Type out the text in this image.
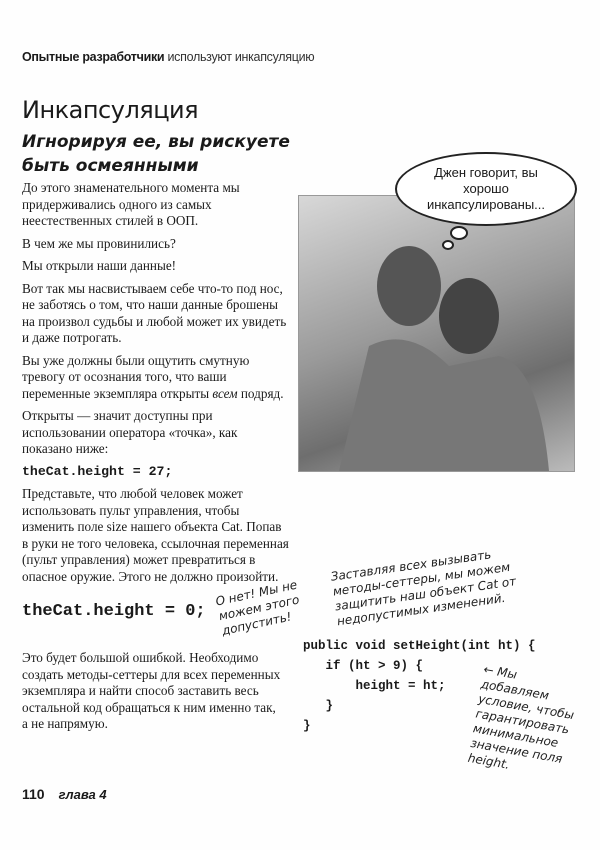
Опытные разработчики используют инкапсуляцию
Инкапсуляция
Игнорируя ее, вы рискуете быть осмеянными

До этого знаменательного момента мы придерживались одного из самых неестественных стилей в ООП.

В чем же мы провинились?

Мы открыли наши данные!

Вот так мы насвистываем себе что-то под нос, не заботясь о том, что наши данные брошены на произвол судьбы и любой может их увидеть и даже потрогать.

Вы уже должны были ощутить смутную тревогу от осознания того, что ваши переменные экземпляра открыты всем подряд.

Открыты — значит доступны при использовании оператора «точка», как показано ниже:

theCat.height = 27;

Представьте, что любой человек может использовать пульт управления, чтобы изменить поле size нашего объекта Cat. Попав в руки не того человека, ссылочная переменная (пульт управления) может превратиться в опасное оружие. Этого не должно произойти.

Джен говорит, вы хорошо инкапсулированы...
theCat.height = 0;
О нет! Мы не можем этого допустить!
Заставляя всех вызывать методы-сеттеры, мы можем защитить наш объект Cat от недопустимых изменений.
Это будет большой ошибкой. Необходимо создать методы-сеттеры для всех переменных экземпляра и найти способ заставить весь остальной код обращаться к ним именно так, а не напрямую.
public void setHeight(int ht) {
if (ht > 9) {
height = ht;
}
}
← Мы добавляем условие, чтобы гарантировать минимальное значение поля height.
110 глава 4
